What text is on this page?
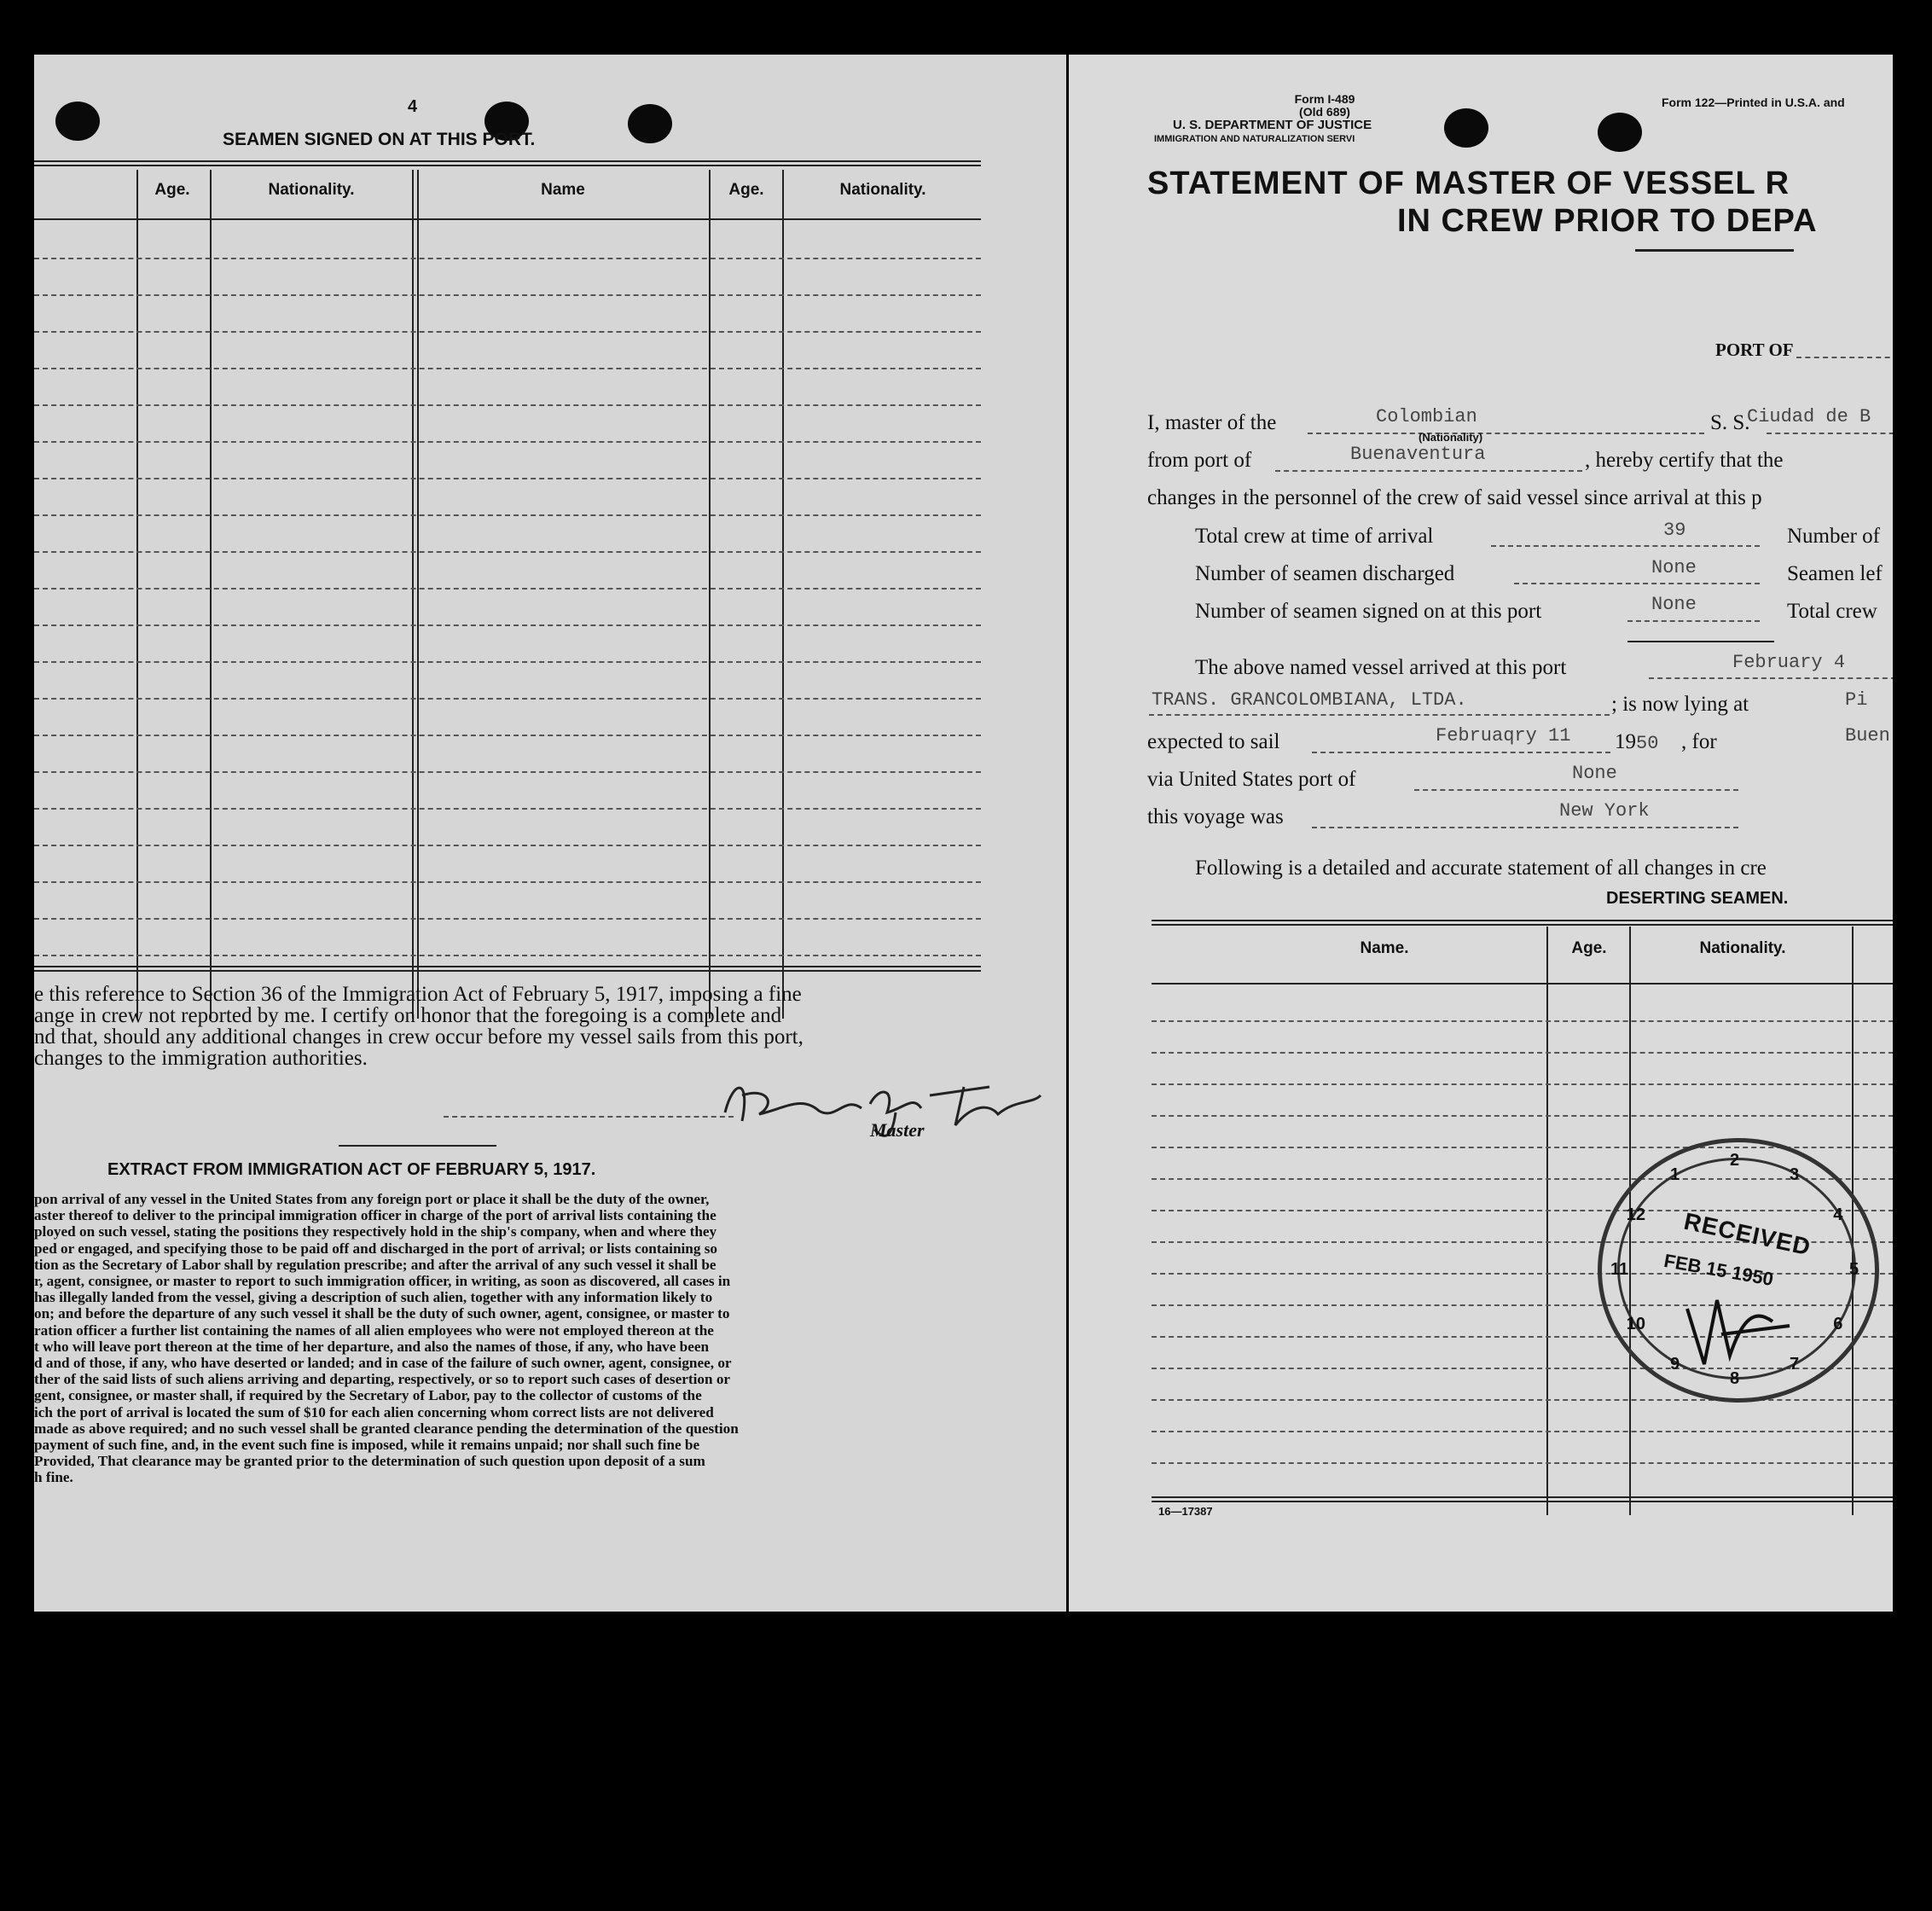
4
SEAMEN SIGNED ON AT THIS PORT.
Age.	Nationality.	Name	Age.	Nationality.
e this reference to Section 36 of the Immigration Act of February 5, 1917, imposing a fine
ange in crew not reported by me. I certify on honor that the foregoing is a complete and
nd that, should any additional changes in crew occur before my vessel sails from this port,
changes to the immigration authorities.
Master
EXTRACT FROM IMMIGRATION ACT OF FEBRUARY 5, 1917.
pon arrival of any vessel in the United States from any foreign port or place it shall be the duty of the owner,
aster thereof to deliver to the principal immigration officer in charge of the port of arrival lists containing the
ployed on such vessel, stating the positions they respectively hold in the ship's company, when and where they
ped or engaged, and specifying those to be paid off and discharged in the port of arrival; or lists containing so
tion as the Secretary of Labor shall by regulation prescribe; and after the arrival of any such vessel it shall be
r, agent, consignee, or master to report to such immigration officer, in writing, as soon as discovered, all cases in
has illegally landed from the vessel, giving a description of such alien, together with any information likely to
on; and before the departure of any such vessel it shall be the duty of such owner, agent, consignee, or master to
ration officer a further list containing the names of all alien employees who were not employed thereon at the
t who will leave port thereon at the time of her departure, and also the names of those, if any, who have been
d and of those, if any, who have deserted or landed; and in case of the failure of such owner, agent, consignee, or
ther of the said lists of such aliens arriving and departing, respectively, or so to report such cases of desertion or
gent, consignee, or master shall, if required by the Secretary of Labor, pay to the collector of customs of the
ich the port of arrival is located the sum of $10 for each alien concerning whom correct lists are not delivered
made as above required; and no such vessel shall be granted clearance pending the determination of the question
payment of such fine, and, in the event such fine is imposed, while it remains unpaid; nor shall such fine be
Provided, That clearance may be granted prior to the determination of such question upon deposit of a sum
h fine.
Form I-489
(Old 689)
U. S. DEPARTMENT OF JUSTICE
IMMIGRATION AND NATURALIZATION SERVI
Form 122—Printed in U.S.A. and
STATEMENT OF MASTER OF VESSEL R
IN CREW PRIOR TO DEPA
PORT OF
I, master of the	Colombian
(Nationality)
S. S.
Ciudad de B
from port of	Buenaventura	, hereby certify that the
changes in the personnel of the crew of said vessel since arrival at this p
Total crew at time of arrival	39	Number of
Number of seamen discharged	None	Seamen lef
Number of seamen signed on at this port	None	Total crew
The above named vessel arrived at this port	February 4
TRANS. GRANCOLOMBIANA, LTDA.	; is now lying at	Pi
expected to sail	Februaqry 11 1950 , for	Buen
via United States port of	None
this voyage was	New York
Following is a detailed and accurate statement of all changes in cre
DESERTING SEAMEN.
Name.	Age.	Nationality.
16—17387
1
2
3
4
5
6
7
8
9
10
11
12 RECEIVED
FEB 15 1950
